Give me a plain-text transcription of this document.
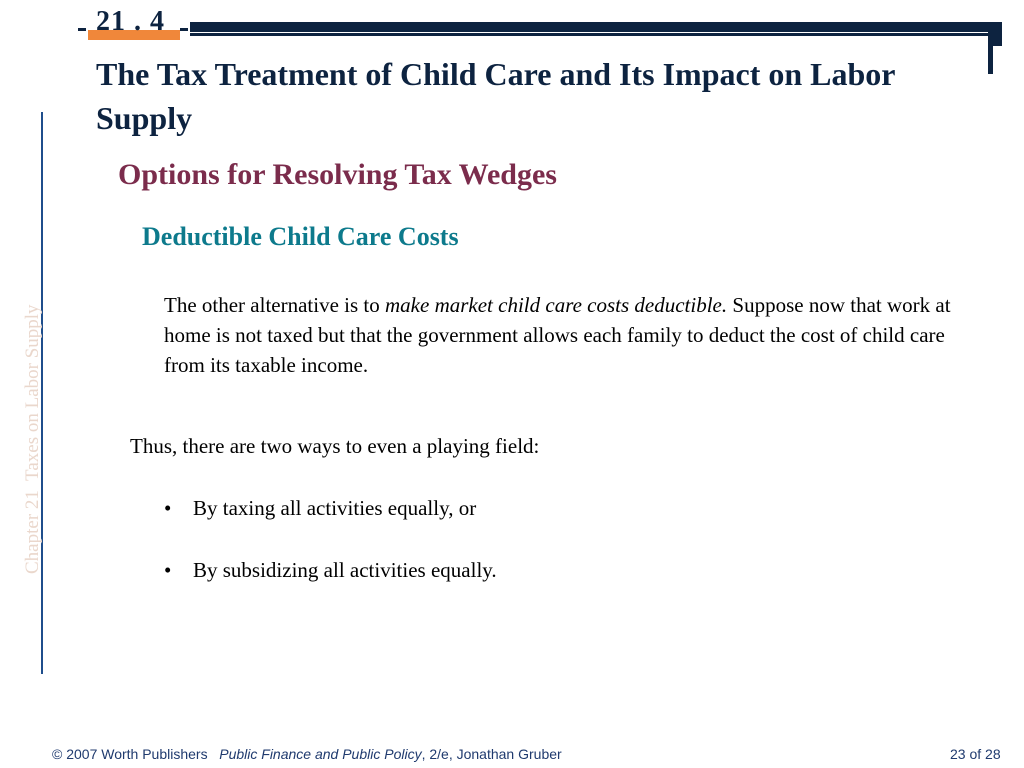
21 . 4
The Tax Treatment of Child Care and Its Impact on Labor Supply
Chapter 21  Taxes on Labor Supply
Options for Resolving Tax Wedges
Deductible Child Care Costs
The other alternative is to make market child care costs deductible. Suppose now that work at home is not taxed but that the government allows each family to deduct the cost of child care from its taxable income.
Thus, there are two ways to even a playing field:
• By taxing all activities equally, or
• By subsidizing all activities equally.
© 2007 Worth Publishers   Public Finance and Public Policy, 2/e, Jonathan Gruber	23 of 28
